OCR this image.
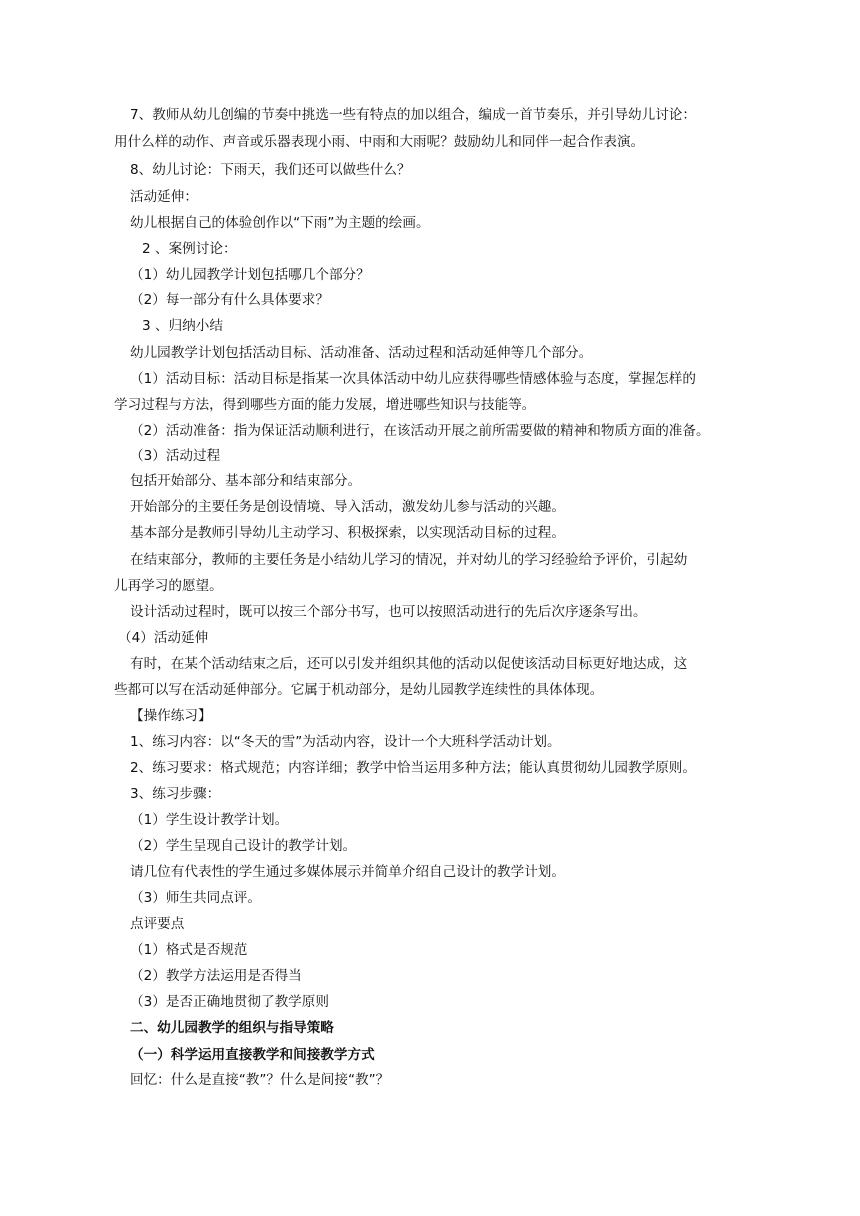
7、教师从幼儿创编的节奏中挑选一些有特点的加以组合，编成一首节奏乐，并引导幼儿讨论：
用什么样的动作、声音或乐器表现小雨、中雨和大雨呢？鼓励幼儿和同伴一起合作表演。
8、幼儿讨论：下雨天，我们还可以做些什么？
活动延伸：
幼儿根据自己的体验创作以“下雨”为主题的绘画。
2 、案例讨论：
（1）幼儿园教学计划包括哪几个部分？
（2）每一部分有什么具体要求？
3 、归纳小结
幼儿园教学计划包括活动目标、活动准备、活动过程和活动延伸等几个部分。
（1）活动目标：活动目标是指某一次具体活动中幼儿应获得哪些情感体验与态度，掌握怎样的
学习过程与方法，得到哪些方面的能力发展，增进哪些知识与技能等。
（2）活动准备：指为保证活动顺利进行，在该活动开展之前所需要做的精神和物质方面的准备。
（3）活动过程
包括开始部分、基本部分和结束部分。
开始部分的主要任务是创设情境、导入活动，激发幼儿参与活动的兴趣。
基本部分是教师引导幼儿主动学习、积极探索，以实现活动目标的过程。
在结束部分，教师的主要任务是小结幼儿学习的情况，并对幼儿的学习经验给予评价，引起幼
儿再学习的愿望。
设计活动过程时，既可以按三个部分书写，也可以按照活动进行的先后次序逐条写出。
（4）活动延伸
有时，在某个活动结束之后，还可以引发并组织其他的活动以促使该活动目标更好地达成，这
些都可以写在活动延伸部分。它属于机动部分，是幼儿园教学连续性的具体体现。
【操作练习】
1、练习内容：以“冬天的雪”为活动内容，设计一个大班科学活动计划。
2、练习要求：格式规范；内容详细；教学中恰当运用多种方法；能认真贯彻幼儿园教学原则。
3、练习步骤：
（1）学生设计教学计划。
（2）学生呈现自己设计的教学计划。
请几位有代表性的学生通过多媒体展示并简单介绍自己设计的教学计划。
（3）师生共同点评。
点评要点
（1）格式是否规范
（2）教学方法运用是否得当
（3）是否正确地贯彻了教学原则
二、幼儿园教学的组织与指导策略
（一）科学运用直接教学和间接教学方式
回忆：什么是直接“教”？什么是间接“教”？
